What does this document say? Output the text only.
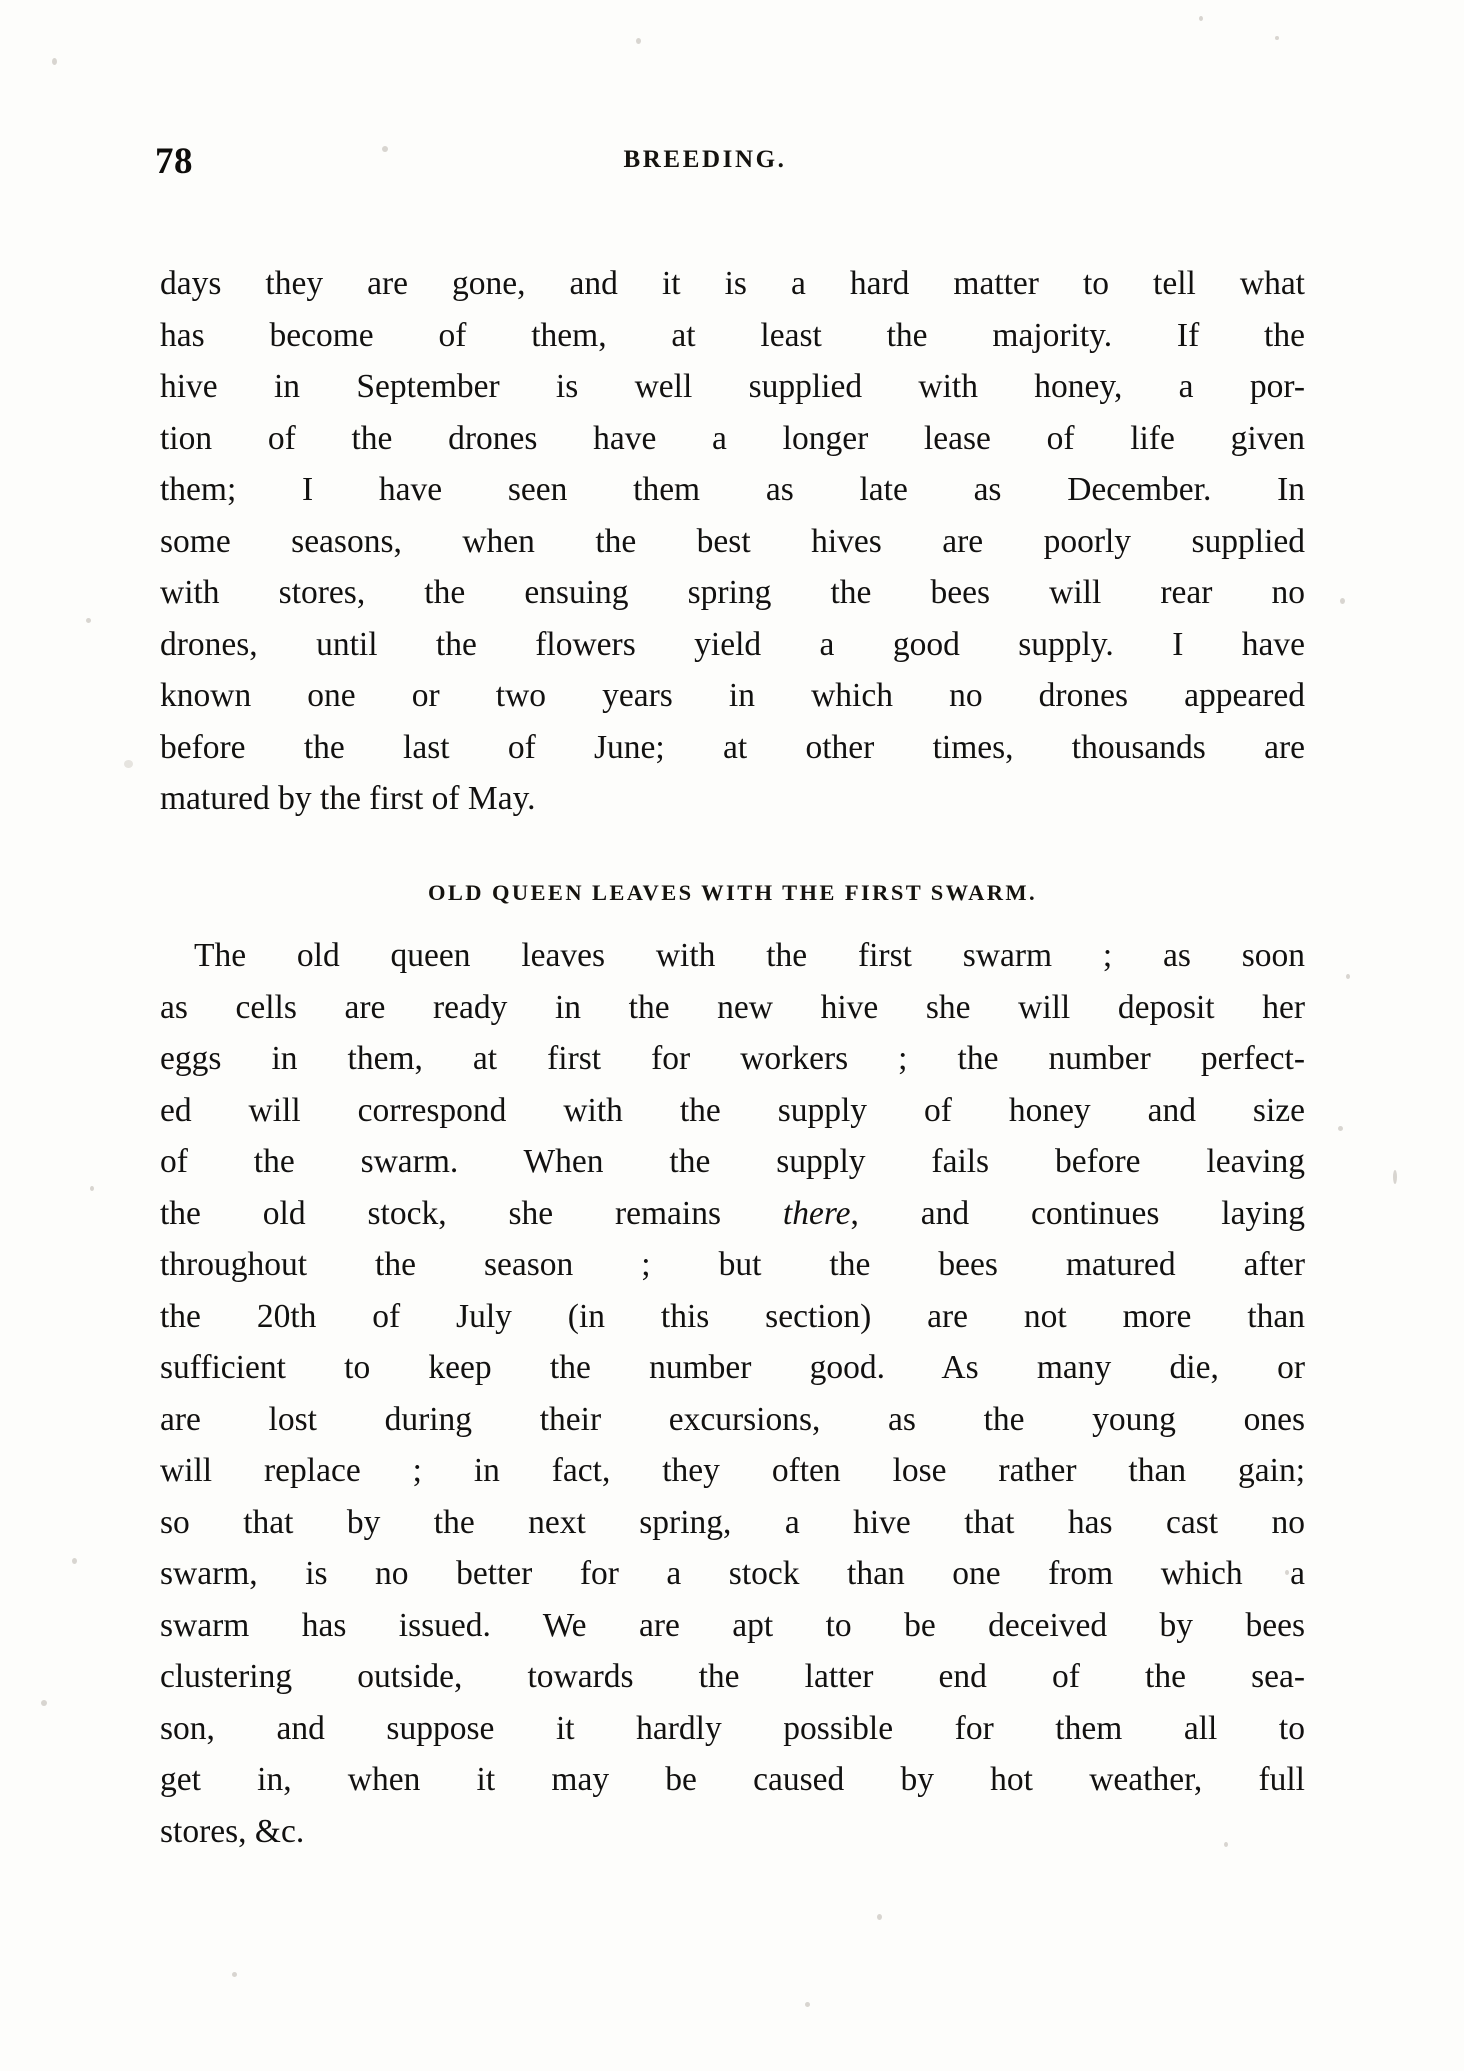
78	BREEDING.
days they are gone, and it is a hard matter to tell what
has become of them, at least the majority. If the
hive in September is well supplied with honey, a por-
tion of the drones have a longer lease of life given
them; I have seen them as late as December. In
some seasons, when the best hives are poorly supplied
with stores, the ensuing spring the bees will rear no
drones, until the flowers yield a good supply. I have
known one or two years in which no drones appeared
before the last of June; at other times, thousands are
matured by the first of May.
OLD QUEEN LEAVES WITH THE FIRST SWARM.
The old queen leaves with the first swarm ; as soon
as cells are ready in the new hive she will deposit her
eggs in them, at first for workers ; the number perfect-
ed will correspond with the supply of honey and size
of the swarm. When the supply fails before leaving
the old stock, she remains there, and continues laying
throughout the season ; but the bees matured after
the 20th of July (in this section) are not more than
sufficient to keep the number good. As many die, or
are lost during their excursions, as the young ones
will replace ; in fact, they often lose rather than gain;
so that by the next spring, a hive that has cast no
swarm, is no better for a stock than one from which a
swarm has issued. We are apt to be deceived by bees
clustering outside, towards the latter end of the sea-
son, and suppose it hardly possible for them all to
get in, when it may be caused by hot weather, full
stores, &c.
